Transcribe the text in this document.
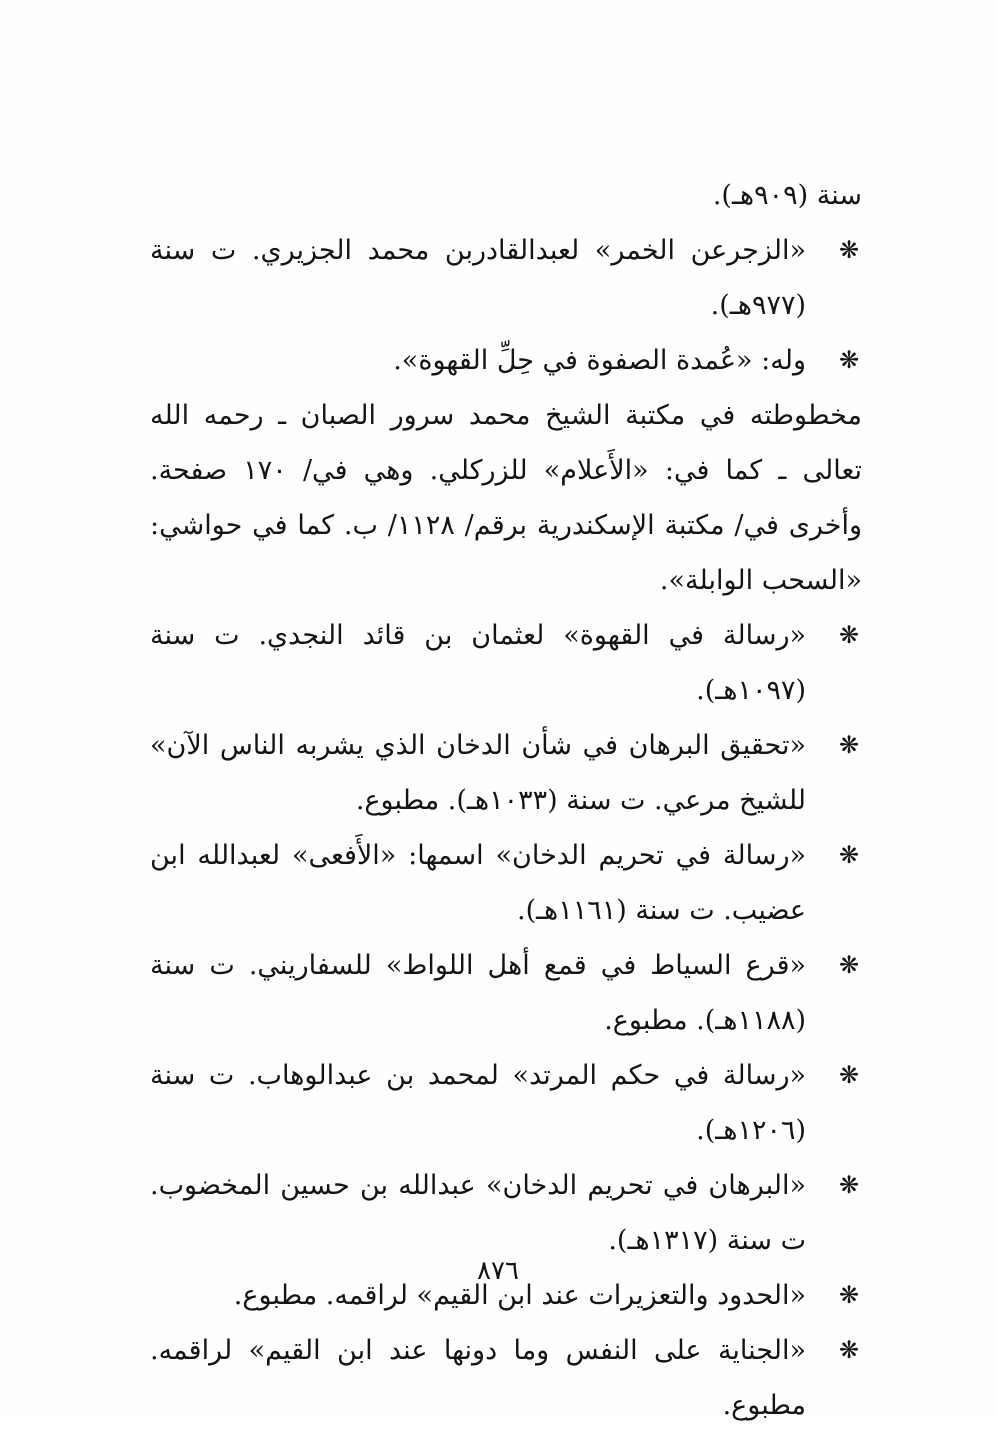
سنة (٩٠٩هـ).

❋
«الزجرعن الخمر» لعبدالقادربن محمد الجزيري. ت سنة (٩٧٧هـ).
❋
وله: «عُمدة الصفوة في حِلِّ القهوة».
مخطوطته في مكتبة الشيخ محمد سرور الصبان ـ رحمه الله تعالى ـ كما في: «الأَعلام» للزركلي. وهي في/ ١٧٠ صفحة. وأخرى في/ مكتبة الإسكندرية برقم/ ١١٢٨/ ب. كما في حواشي: «السحب الوابلة».
❋
«رسالة في القهوة» لعثمان بن قائد النجدي. ت سنة (١٠٩٧هـ).
❋
«تحقيق البرهان في شأن الدخان الذي يشربه الناس الآن» للشيخ مرعي. ت سنة (١٠٣٣هـ). مطبوع.
❋
«رسالة في تحريم الدخان» اسمها: «الأَفعى» لعبدالله ابن عضيب. ت سنة (١١٦١هـ).
❋
«قرع السياط في قمع أهل اللواط» للسفاريني. ت سنة (١١٨٨هـ). مطبوع.
❋
«رسالة في حكم المرتد» لمحمد بن عبدالوهاب. ت سنة (١٢٠٦هـ).
❋
«البرهان في تحريم الدخان» عبدالله بن حسين المخضوب. ت سنة (١٣١٧هـ).
❋
«الحدود والتعزيرات عند ابن القيم» لراقمه. مطبوع.
❋
«الجناية على النفس وما دونها عند ابن القيم» لراقمه. مطبوع.
٨٧٦
